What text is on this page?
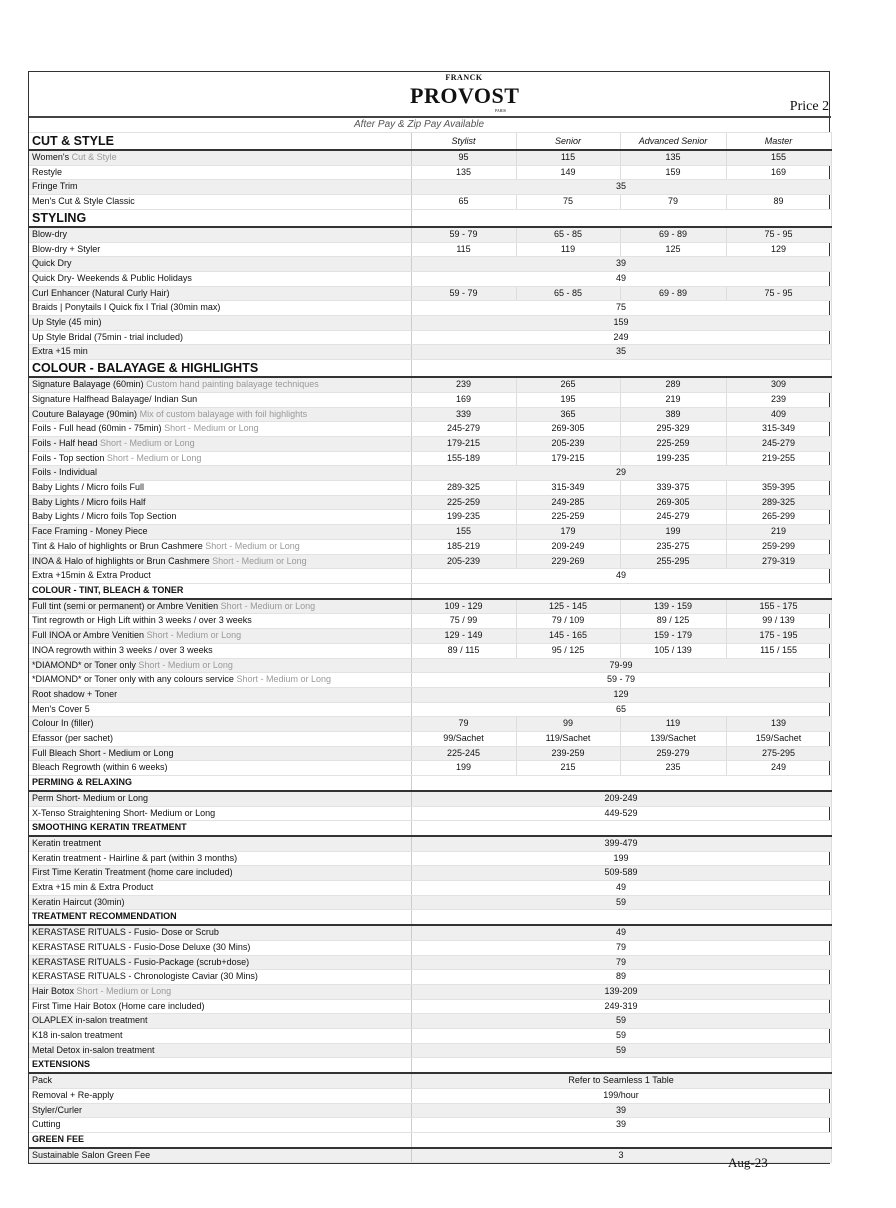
FRANCK
PROVOST
PARIS Price 2				

	After Pay & Zip Pay Available			
CUT & STYLE	Stylist	Senior	Advanced Senior	Master
Women's Cut & Style	95	115	135	155
Restyle	135	149	159	169
Fringe Trim	35			
Men's Cut & Style Classic	65	75	79	89
STYLING				
Blow-dry	59 - 79	65 - 85	69 - 89	75 - 95
Blow-dry + Styler	115	119	125	129
Quick Dry	39			
Quick Dry- Weekends & Public Holidays	49			
Curl Enhancer (Natural Curly Hair)	59 - 79	65 - 85	69 - 89	75 - 95
Braids | Ponytails I Quick fix I Trial (30min max)	75			
Up Style (45 min)	159			
Up Style Bridal (75min - trial included)	249			
Extra +15 min	35			
COLOUR - BALAYAGE & HIGHLIGHTS				
Signature Balayage (60min) Custom hand painting balayage techniques	239	265	289	309
Signature Halfhead Balayage/ Indian Sun	169	195	219	239
Couture Balayage (90min) Mix of custom balayage with foil highlights	339	365	389	409
Foils - Full head (60min - 75min) Short - Medium or Long	245-279	269-305	295-329	315-349
Foils - Half head Short - Medium or Long	179-215	205-239	225-259	245-279
Foils - Top section Short - Medium or Long	155-189	179-215	199-235	219-255
Foils - Individual	29			
Baby Lights / Micro foils Full	289-325	315-349	339-375	359-395
Baby Lights / Micro foils Half	225-259	249-285	269-305	289-325
Baby Lights / Micro foils Top Section	199-235	225-259	245-279	265-299
Face Framing - Money Piece	155	179	199	219
Tint & Halo of highlights or Brun Cashmere Short - Medium or Long	185-219	209-249	235-275	259-299
INOA & Halo of highlights or Brun Cashmere Short - Medium or Long	205-239	229-269	255-295	279-319
Extra +15min & Extra Product	49			
COLOUR - TINT, BLEACH & TONER				
Full tint (semi or permanent) or Ambre Venitien Short - Medium or Long	109 - 129	125 - 145	139 - 159	155 - 175
Tint regrowth or High Lift within 3 weeks / over 3 weeks	75 / 99	79 / 109	89 / 125	99 / 139
Full INOA or Ambre Venitien Short - Medium or Long	129 - 149	145 - 165	159 - 179	175 - 195
INOA regrowth within 3 weeks / over 3 weeks	89 / 115	95 / 125	105 / 139	115 / 155
*DIAMOND* or Toner only Short - Medium or Long	79-99			
*DIAMOND* or Toner only with any colours service Short - Medium or Long	59 - 79			
Root shadow + Toner	129			
Men's Cover 5	65			
Colour In (filler)	79	99	119	139
Efassor (per sachet)	99/Sachet	119/Sachet	139/Sachet	159/Sachet
Full Bleach Short - Medium or Long	225-245	239-259	259-279	275-295
Bleach Regrowth (within 6 weeks)	199	215	235	249
PERMING & RELAXING				
Perm Short- Medium or Long	209-249			
X-Tenso Straightening Short- Medium or Long	449-529			
SMOOTHING KERATIN TREATMENT				
Keratin treatment	399-479			
Keratin treatment - Hairline & part (within 3 months)	199			
First Time Keratin Treatment (home care included)	509-589			
Extra +15 min & Extra Product	49			
Keratin Haircut (30min)	59			
TREATMENT RECOMMENDATION				
KERASTASE RITUALS - Fusio- Dose or Scrub	49			
KERASTASE RITUALS - Fusio-Dose Deluxe (30 Mins)	79			
KERASTASE RITUALS - Fusio-Package (scrub+dose)	79			
KERASTASE RITUALS - Chronologiste Caviar (30 Mins)	89			
Hair Botox Short - Medium or Long	139-209			
First Time Hair Botox (Home care included)	249-319			
OLAPLEX in-salon treatment	59			
K18 in-salon treatment	59			
Metal Detox in-salon treatment	59			
EXTENSIONS				
Pack	Refer to Seamless 1 Table			
Removal + Re-apply	199/hour			
Styler/Curler	39			
Cutting	39			
GREEN FEE				
Sustainable Salon Green Fee	3			
Aug-23
